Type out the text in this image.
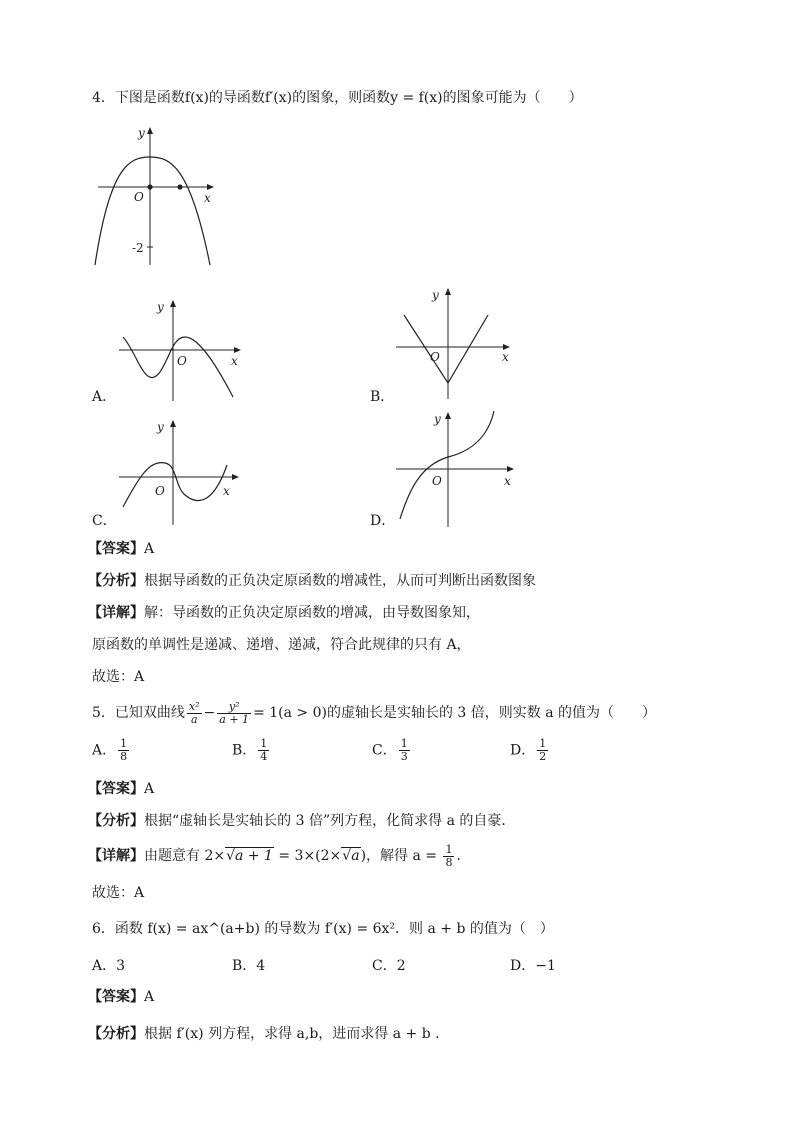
4．下图是函数f(x)的导函数f′(x)的图象，则函数y = f(x)的图象可能为（　　）
y
x
O
-2
y
x
O
A．
y
x
O
B．
y
x
O
C．
y
x
O
D．
【答案】A
【分析】根据导函数的正负决定原函数的增减性，从而可判断出函数图象
【详解】解：导函数的正负决定原函数的增减，由导数图象知，
原函数的单调性是递减、递增、递减，符合此规律的只有 A，
故选：A
5．已知双曲线 $\frac{\text{x²}}{a} - \frac{\text{y²}}{a + 1} = 1(a > 0)$的虚轴长是实轴长的 3 倍，则实数 a 的值为（　　）
A． $\frac{1}{8}$	B． $\frac{1}{4}$	C． $\frac{1}{3}$	D． $\frac{1}{2}$
【答案】A
【分析】根据“虚轴长是实轴长的 3 倍”列方程，化简求得 a 的自豪.
【详解】由题意有 2×√a + 1 = 3×(2×√a)，解得 $a = \frac{1}{8}$ ．
故选：A
6．函数 f(x) = ax^(a+b) 的导数为 f′(x) = 6x²．则 a + b 的值为（　）
A．3	B．4	C．2	D．−1
【答案】A
【分析】根据 f′(x) 列方程，求得 a,b，进而求得 a + b .
